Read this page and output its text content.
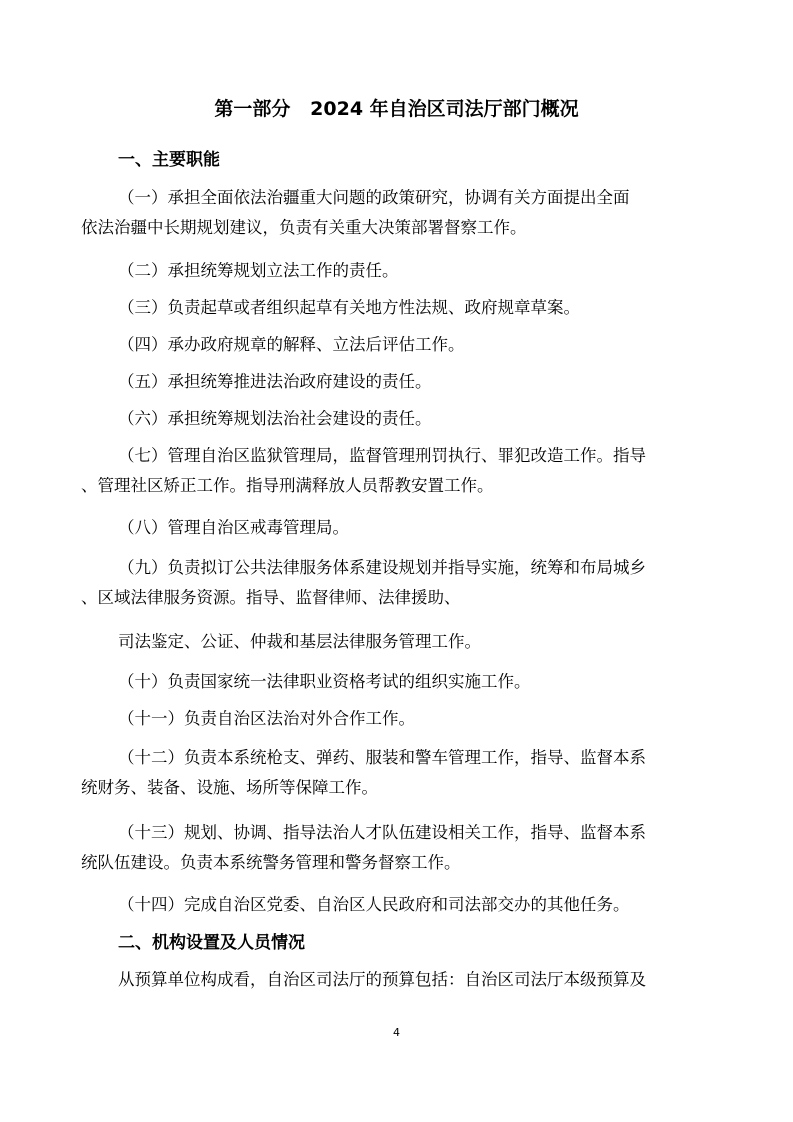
第一部分   2024 年自治区司法厅部门概况
一、主要职能
（一）承担全面依法治疆重大问题的政策研究，协调有关方面提出全面
依法治疆中长期规划建议，负责有关重大决策部署督察工作。
（二）承担统筹规划立法工作的责任。
（三）负责起草或者组织起草有关地方性法规、政府规章草案。
（四）承办政府规章的解释、立法后评估工作。
（五）承担统筹推进法治政府建设的责任。
（六）承担统筹规划法治社会建设的责任。
（七）管理自治区监狱管理局，监督管理刑罚执行、罪犯改造工作。指导
、管理社区矫正工作。指导刑满释放人员帮教安置工作。
（八）管理自治区戒毒管理局。
（九）负责拟订公共法律服务体系建设规划并指导实施，统筹和布局城乡
、区域法律服务资源。指导、监督律师、法律援助、
司法鉴定、公证、仲裁和基层法律服务管理工作。
（十）负责国家统一法律职业资格考试的组织实施工作。
（十一）负责自治区法治对外合作工作。
（十二）负责本系统枪支、弹药、服装和警车管理工作，指导、监督本系
统财务、装备、设施、场所等保障工作。
（十三）规划、协调、指导法治人才队伍建设相关工作，指导、监督本系
统队伍建设。负责本系统警务管理和警务督察工作。
（十四）完成自治区党委、自治区人民政府和司法部交办的其他任务。
二、机构设置及人员情况
从预算单位构成看，自治区司法厅的预算包括：自治区司法厅本级预算及
4
